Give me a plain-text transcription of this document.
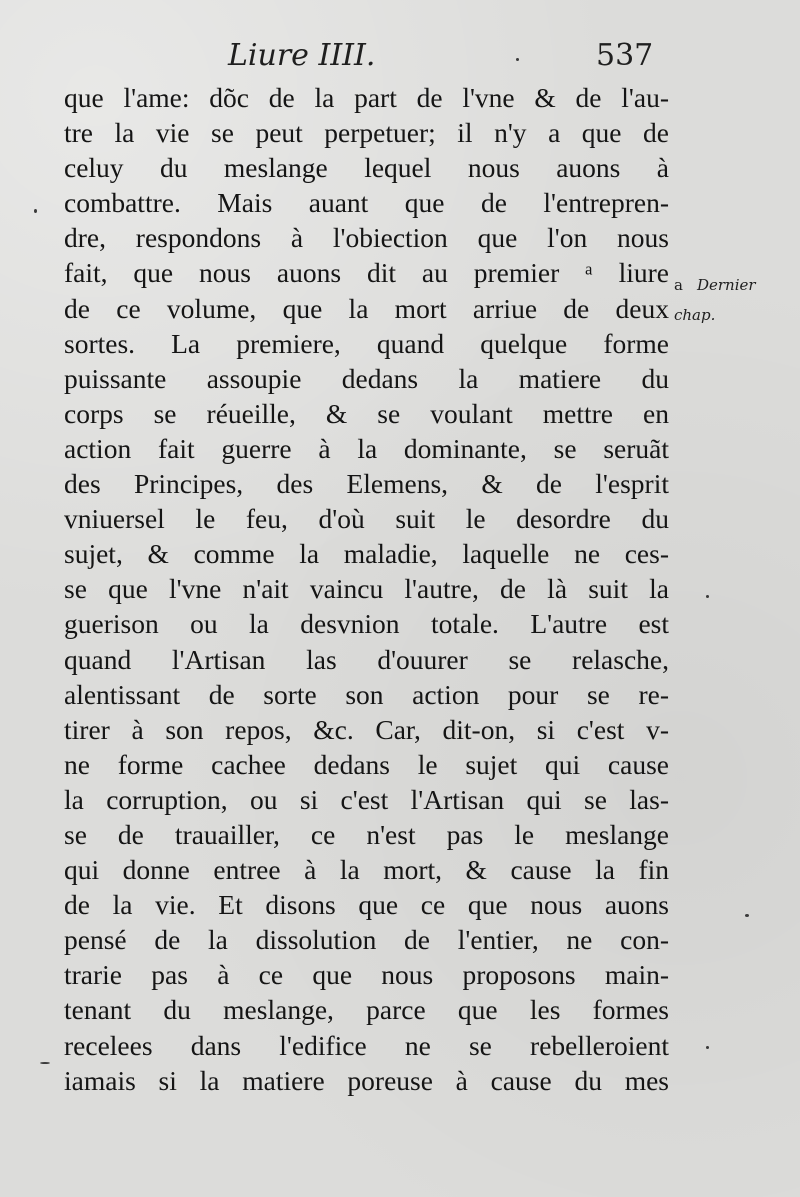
Liure IIII.	537
que l'ame: dõc de la part de l'vne & de l'au-
tre la vie se peut perpetuer; il n'y a que de
celuy du meslange lequel nous auons à
combattre. Mais auant que de l'entrepren-
dre, respondons à l'obiection que l'on nous
fait, que nous auons dit au premier ᵃ liure
de ce volume, que la mort arriue de deux
sortes. La premiere, quand quelque forme
puissante assoupie dedans la matiere du
corps se réueille, & se voulant mettre en
action fait guerre à la dominante, se seruãt
des Principes, des Elemens, & de l'esprit
vniuersel le feu, d'où suit le desordre du
sujet, & comme la maladie, laquelle ne ces-
se que l'vne n'ait vaincu l'autre, de là suit la
guerison ou la desvnion totale. L'autre est
quand l'Artisan las d'ouurer se relasche,
alentissant de sorte son action pour se re-
tirer à son repos, &c. Car, dit-on, si c'est v-
ne forme cachee dedans le sujet qui cause
la corruption, ou si c'est l'Artisan qui se las-
se de trauailler, ce n'est pas le meslange
qui donne entree à la mort, & cause la fin
de la vie. Et disons que ce que nous auons
pensé de la dissolution de l'entier, ne con-
trarie pas à ce que nous proposons main-
tenant du meslange, parce que les formes
recelees dans l'edifice ne se rebelleroient
iamais si la matiere poreuse à cause du mes
a Dernier
chap.
